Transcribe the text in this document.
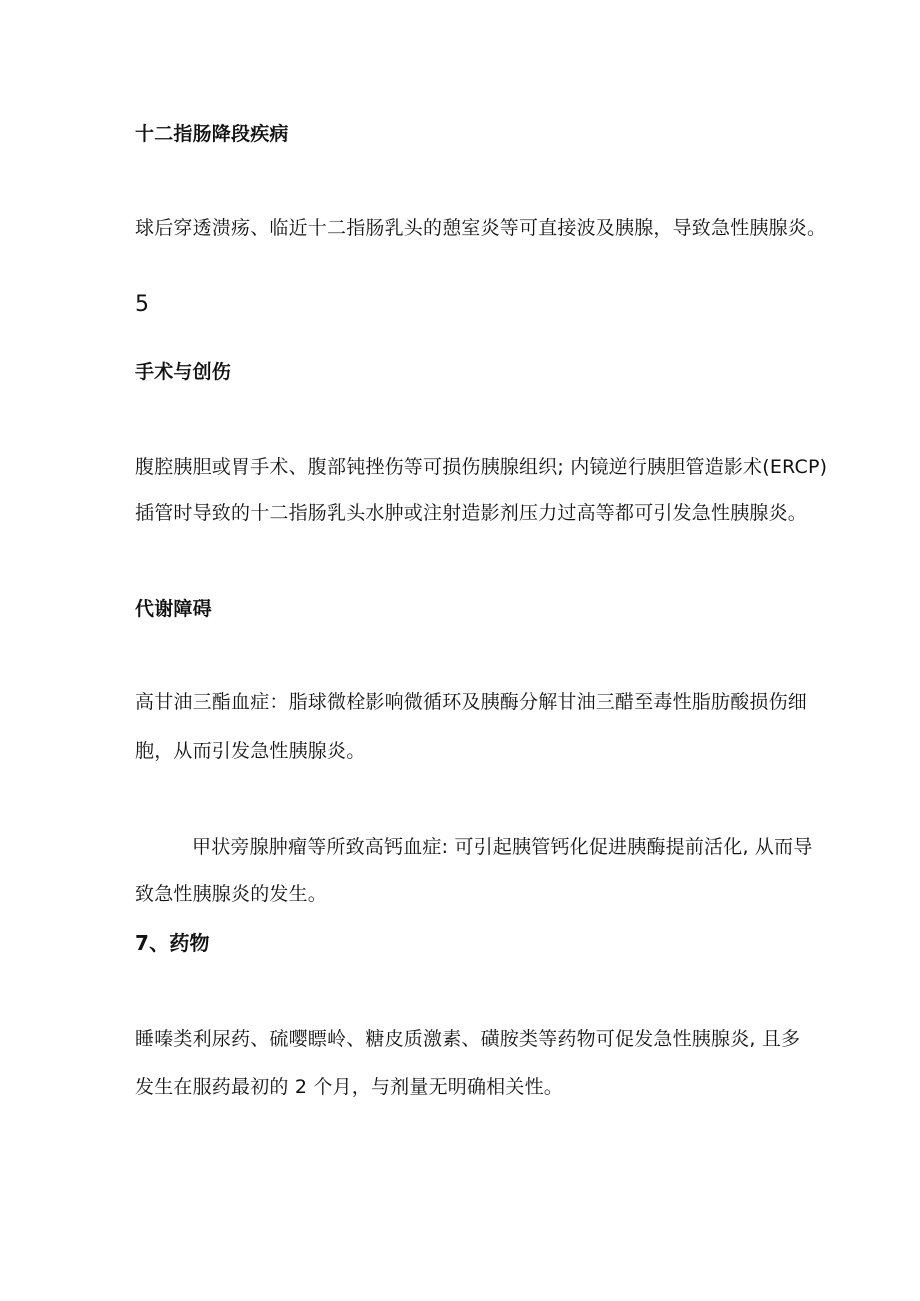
十二指肠降段疾病
球后穿透溃疡、临近十二指肠乳头的憩室炎等可直接波及胰腺，导致急性胰腺炎。
5
手术与创伤
腹腔胰胆或胃手术、腹部钝挫伤等可损伤胰腺组织; 内镜逆行胰胆管造影术(ERCP)
插管时导致的十二指肠乳头水肿或注射造影剂压力过高等都可引发急性胰腺炎。
代谢障碍
高甘油三酯血症：脂球微栓影响微循环及胰酶分解甘油三醋至毒性脂肪酸损伤细
胞，从而引发急性胰腺炎。
甲状旁腺肿瘤等所致高钙血症: 可引起胰管钙化促进胰酶提前活化, 从而导
致急性胰腺炎的发生。
7、药物
睡嗪类利尿药、硫嘤瞟岭、糖皮质激素、磺胺类等药物可促发急性胰腺炎, 且多
发生在服药最初的 2 个月，与剂量无明确相关性。
